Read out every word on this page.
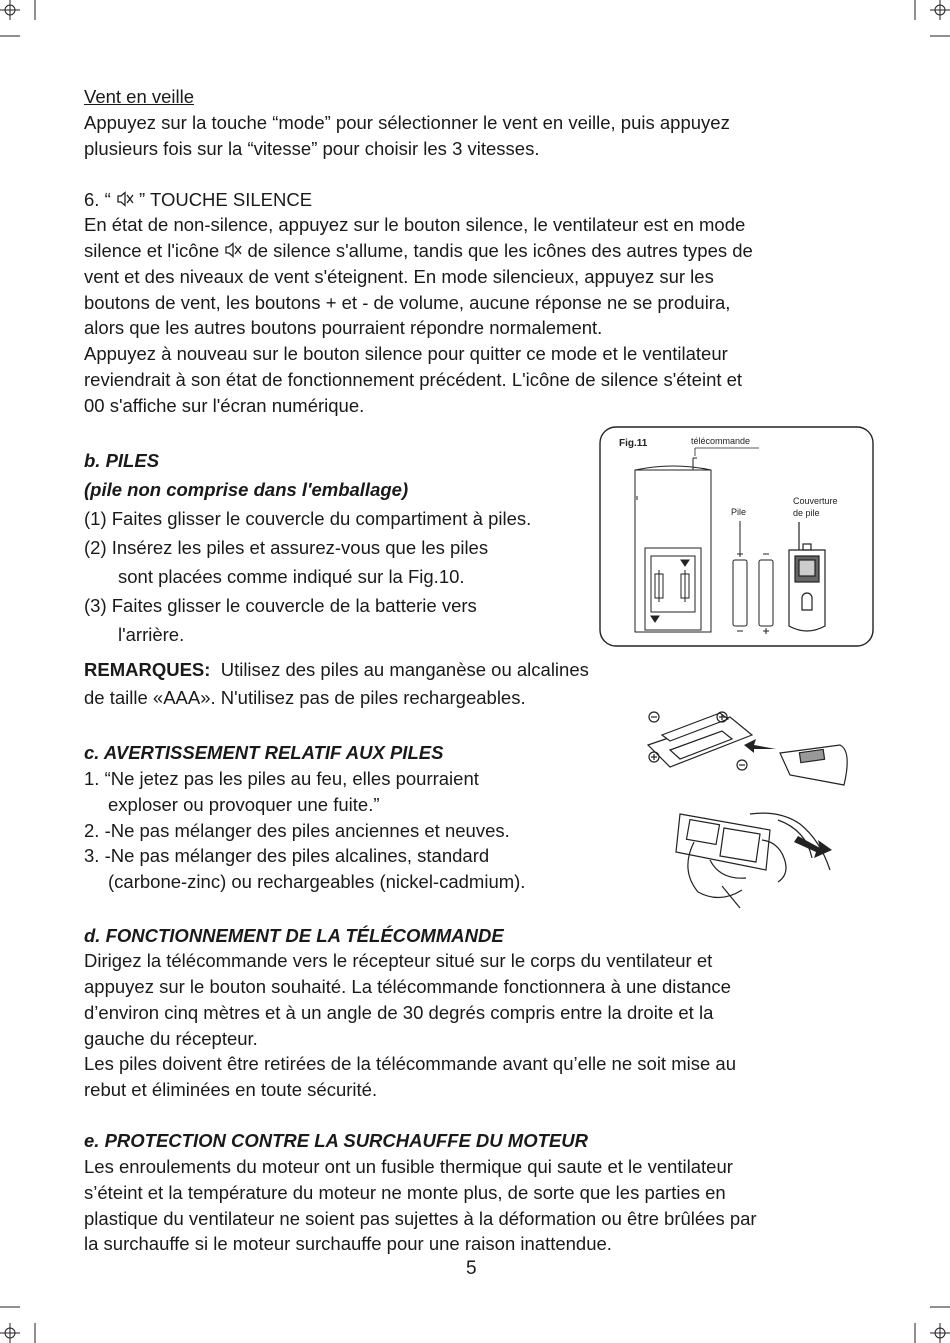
Vent en veille
Appuyez sur la touche “mode” pour sélectionner le vent en veille, puis appuyez
plusieurs fois sur la “vitesse” pour choisir les 3 vitesses.
6. “ ” TOUCHE SILENCE
En état de non-silence, appuyez sur le bouton silence, le ventilateur est en mode
silence et l'icône de silence s'allume, tandis que les icônes des autres types de
vent et des niveaux de vent s'éteignent. En mode silencieux, appuyez sur les
boutons de vent, les boutons + et - de volume, aucune réponse ne se produira,
alors que les autres boutons pourraient répondre normalement.
Appuyez à nouveau sur le bouton silence pour quitter ce mode et le ventilateur
reviendrait à son état de fonctionnement précédent. L'icône de silence s'éteint et
00 s'affiche sur l'écran numérique.
b. PILES
(pile non comprise dans l'emballage)
(1) Faites glisser le couvercle du compartiment à piles.
(2) Insérez les piles et assurez-vous que les piles
sont placées comme indiqué sur la Fig.10.
(3) Faites glisser le couvercle de la batterie vers
l'arrière.
Fig.11	télécommande
Pile
Couverture
de pile
REMARQUES: Utilisez des piles au manganèse ou alcalines
de taille «AAA». N'utilisez pas de piles rechargeables.
c. AVERTISSEMENT RELATIF AUX PILES
1. “Ne jetez pas les piles au feu, elles pourraient
exploser ou provoquer une fuite.”
2. -Ne pas mélanger des piles anciennes et neuves.
3. -Ne pas mélanger des piles alcalines, standard
(carbone-zinc) ou rechargeables (nickel-cadmium).
d. FONCTIONNEMENT DE LA TÉLÉCOMMANDE
Dirigez la télécommande vers le récepteur situé sur le corps du ventilateur et
appuyez sur le bouton souhaité. La télécommande fonctionnera à une distance
d’environ cinq mètres et à un angle de 30 degrés compris entre la droite et la
gauche du récepteur.
Les piles doivent être retirées de la télécommande avant qu’elle ne soit mise au
rebut et éliminées en toute sécurité.
e. PROTECTION CONTRE LA SURCHAUFFE DU MOTEUR
Les enroulements du moteur ont un fusible thermique qui saute et le ventilateur
s’éteint et la température du moteur ne monte plus, de sorte que les parties en
plastique du ventilateur ne soient pas sujettes à la déformation ou être brûlées par
la surchauffe si le moteur surchauffe pour une raison inattendue.
5
